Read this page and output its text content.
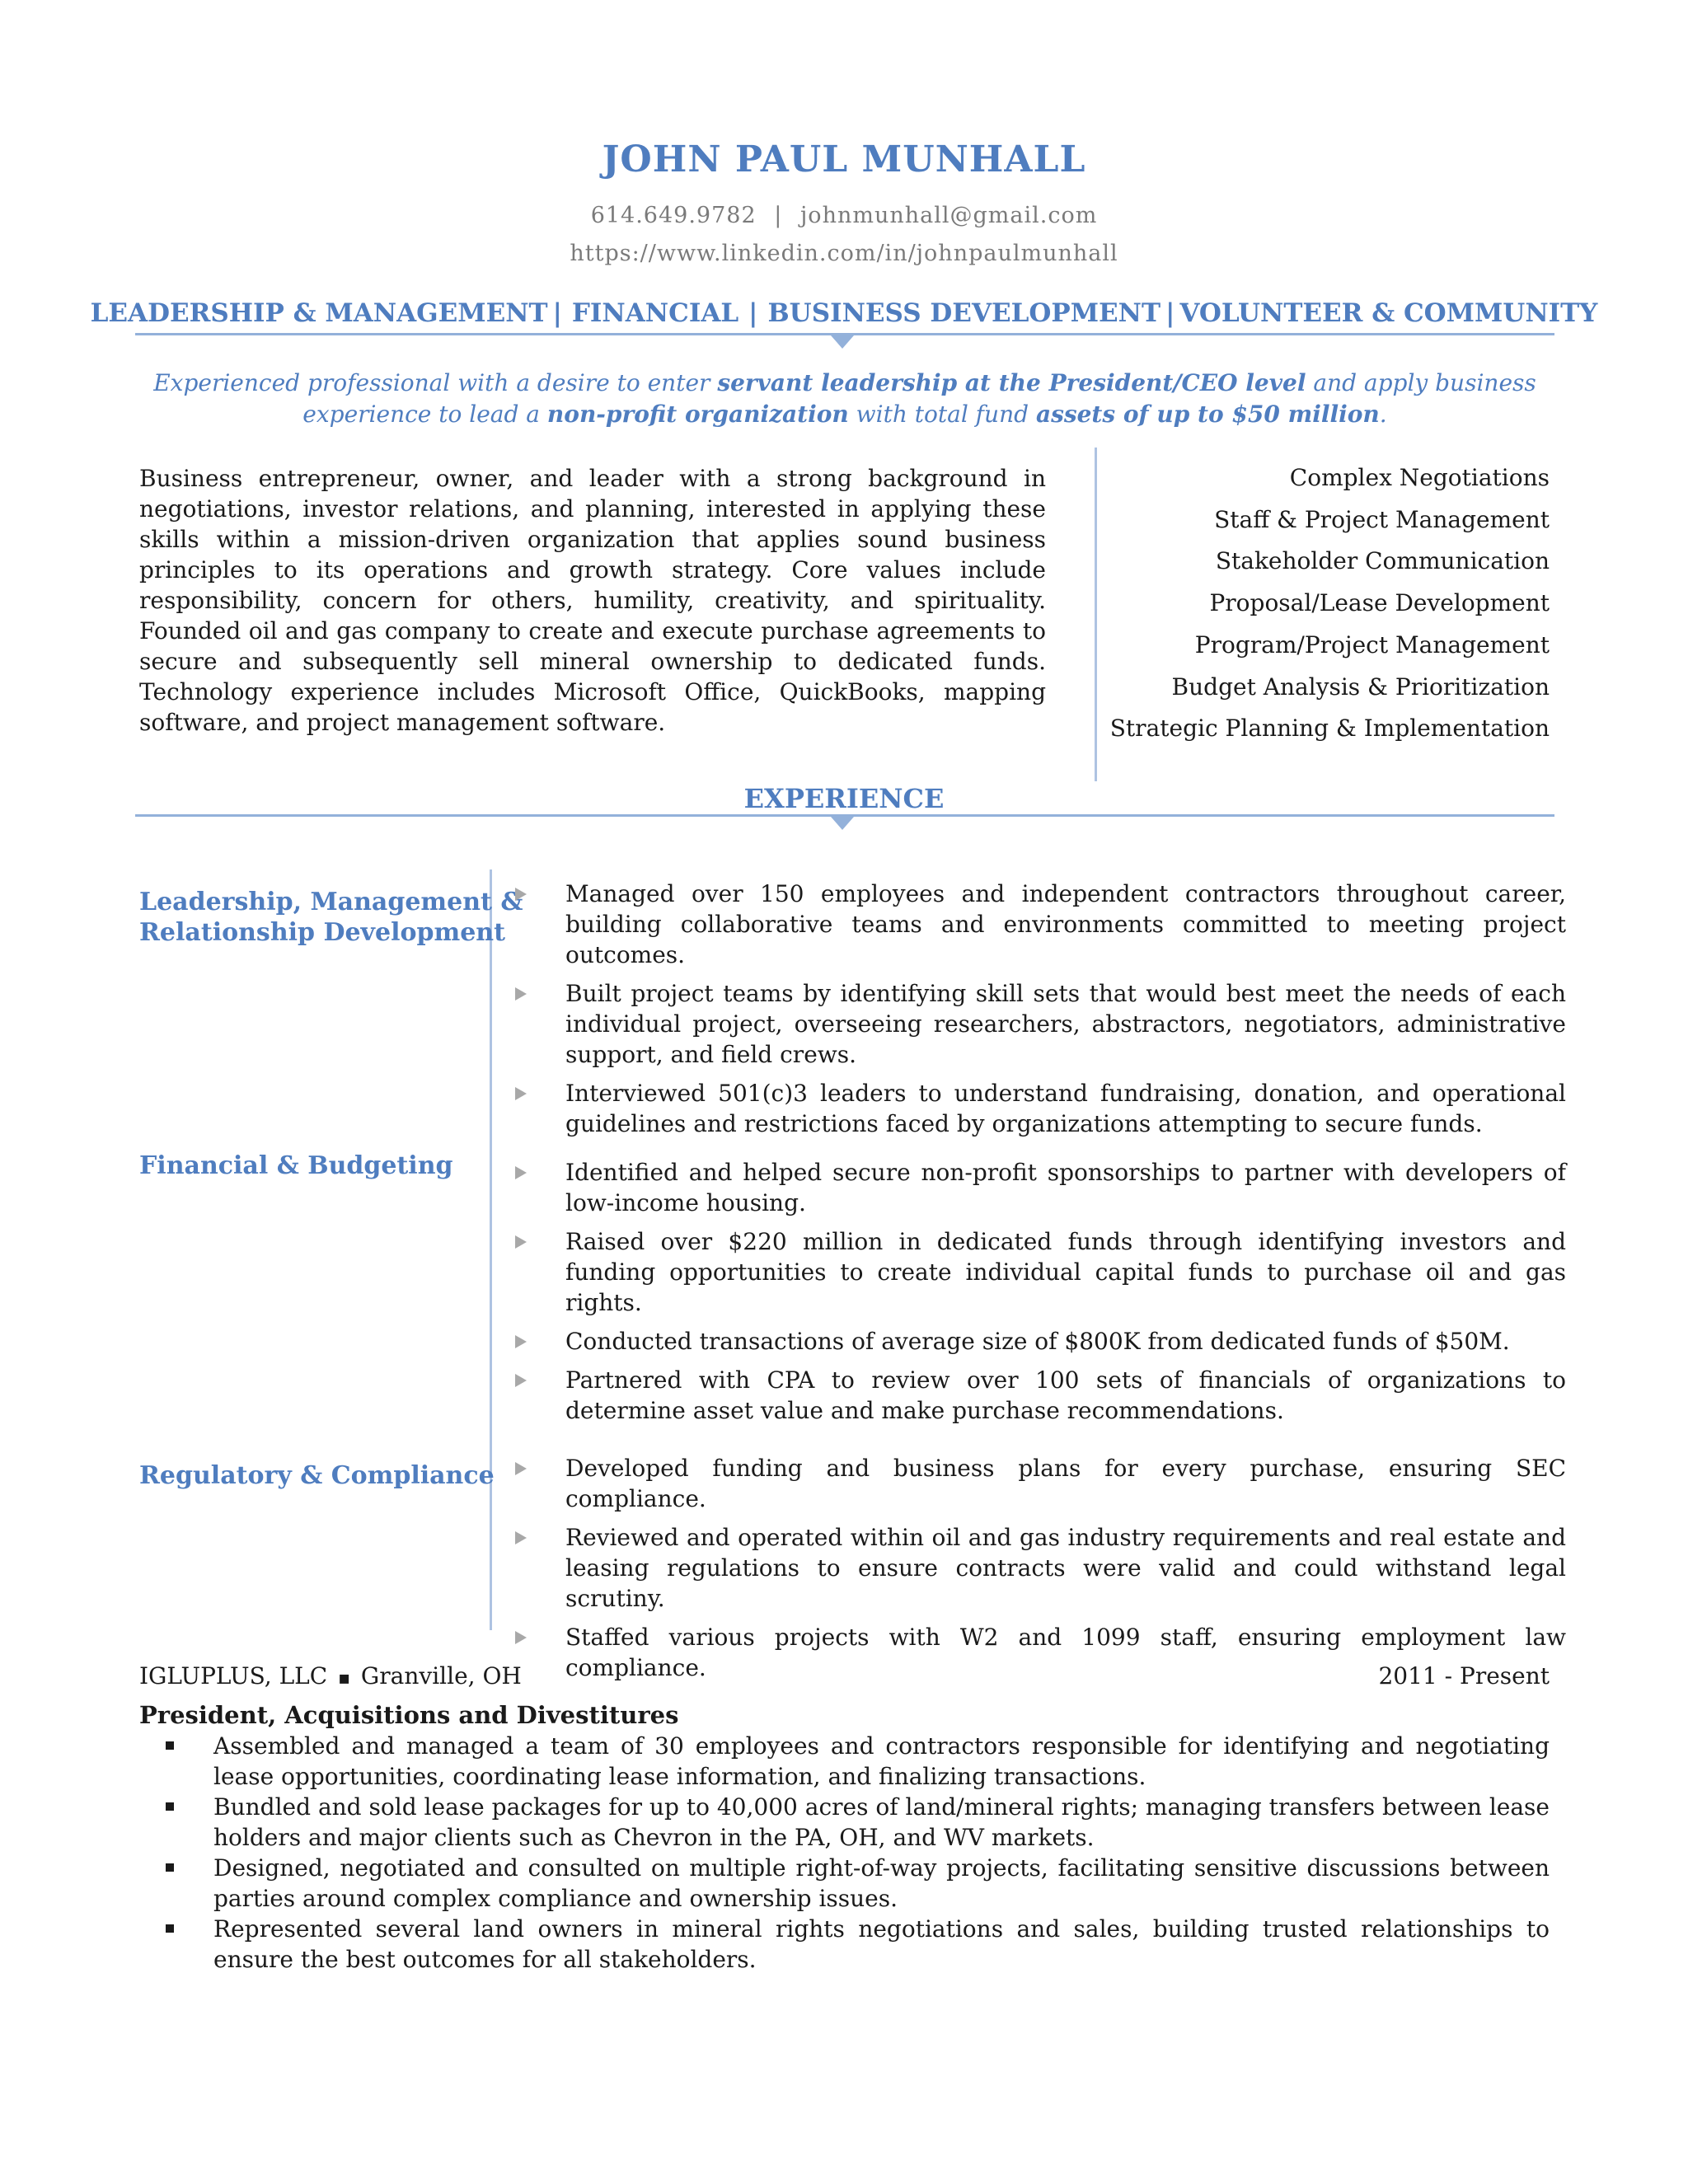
JOHN PAUL MUNHALL
614.649.9782 | johnmunhall@gmail.com
https://www.linkedin.com/in/johnpaulmunhall
LEADERSHIP & MANAGEMENT | FINANCIAL | BUSINESS DEVELOPMENT | VOLUNTEER & COMMUNITY
Experienced professional with a desire to enter servant leadership at the President/CEO level and apply business experience to lead a non-profit organization with total fund assets of up to $50 million.
Business entrepreneur, owner, and leader with a strong background in negotiations, investor relations, and planning, interested in applying these skills within a mission-driven organization that applies sound business principles to its operations and growth strategy. Core values include responsibility, concern for others, humility, creativity, and spirituality. Founded oil and gas company to create and execute purchase agreements to secure and subsequently sell mineral ownership to dedicated funds. Technology experience includes Microsoft Office, QuickBooks, mapping software, and project management software.
Complex Negotiations
Staff & Project Management
Stakeholder Communication
Proposal/Lease Development
Program/Project Management
Budget Analysis & Prioritization
Strategic Planning & Implementation
EXPERIENCE
Leadership, Management &
Relationship Development
Managed over 150 employees and independent contractors throughout career, building collaborative teams and environments committed to meeting project outcomes.
Built project teams by identifying skill sets that would best meet the needs of each individual project, overseeing researchers, abstractors, negotiators, administrative support, and field crews.
Interviewed 501(c)3 leaders to understand fundraising, donation, and operational guidelines and restrictions faced by organizations attempting to secure funds.
Financial & Budgeting	Identified and helped secure non-profit sponsorships to partner with developers of low-income housing.
Raised over $220 million in dedicated funds through identifying investors and funding opportunities to create individual capital funds to purchase oil and gas rights.
Conducted transactions of average size of $800K from dedicated funds of $50M.
Partnered with CPA to review over 100 sets of financials of organizations to determine asset value and make purchase recommendations.
Regulatory & Compliance	Developed funding and business plans for every purchase, ensuring SEC compliance.
Reviewed and operated within oil and gas industry requirements and real estate and leasing regulations to ensure contracts were valid and could withstand legal scrutiny.
Staffed various projects with W2 and 1099 staff, ensuring employment law compliance.
IGLUPLUS, LLC ▪ Granville, OH	2011 - Present
President, Acquisitions and Divestitures
Assembled and managed a team of 30 employees and contractors responsible for identifying and negotiating lease opportunities, coordinating lease information, and finalizing transactions.
Bundled and sold lease packages for up to 40,000 acres of land/mineral rights; managing transfers between lease holders and major clients such as Chevron in the PA, OH, and WV markets.
Designed, negotiated and consulted on multiple right-of-way projects, facilitating sensitive discussions between parties around complex compliance and ownership issues.
Represented several land owners in mineral rights negotiations and sales, building trusted relationships to ensure the best outcomes for all stakeholders.
